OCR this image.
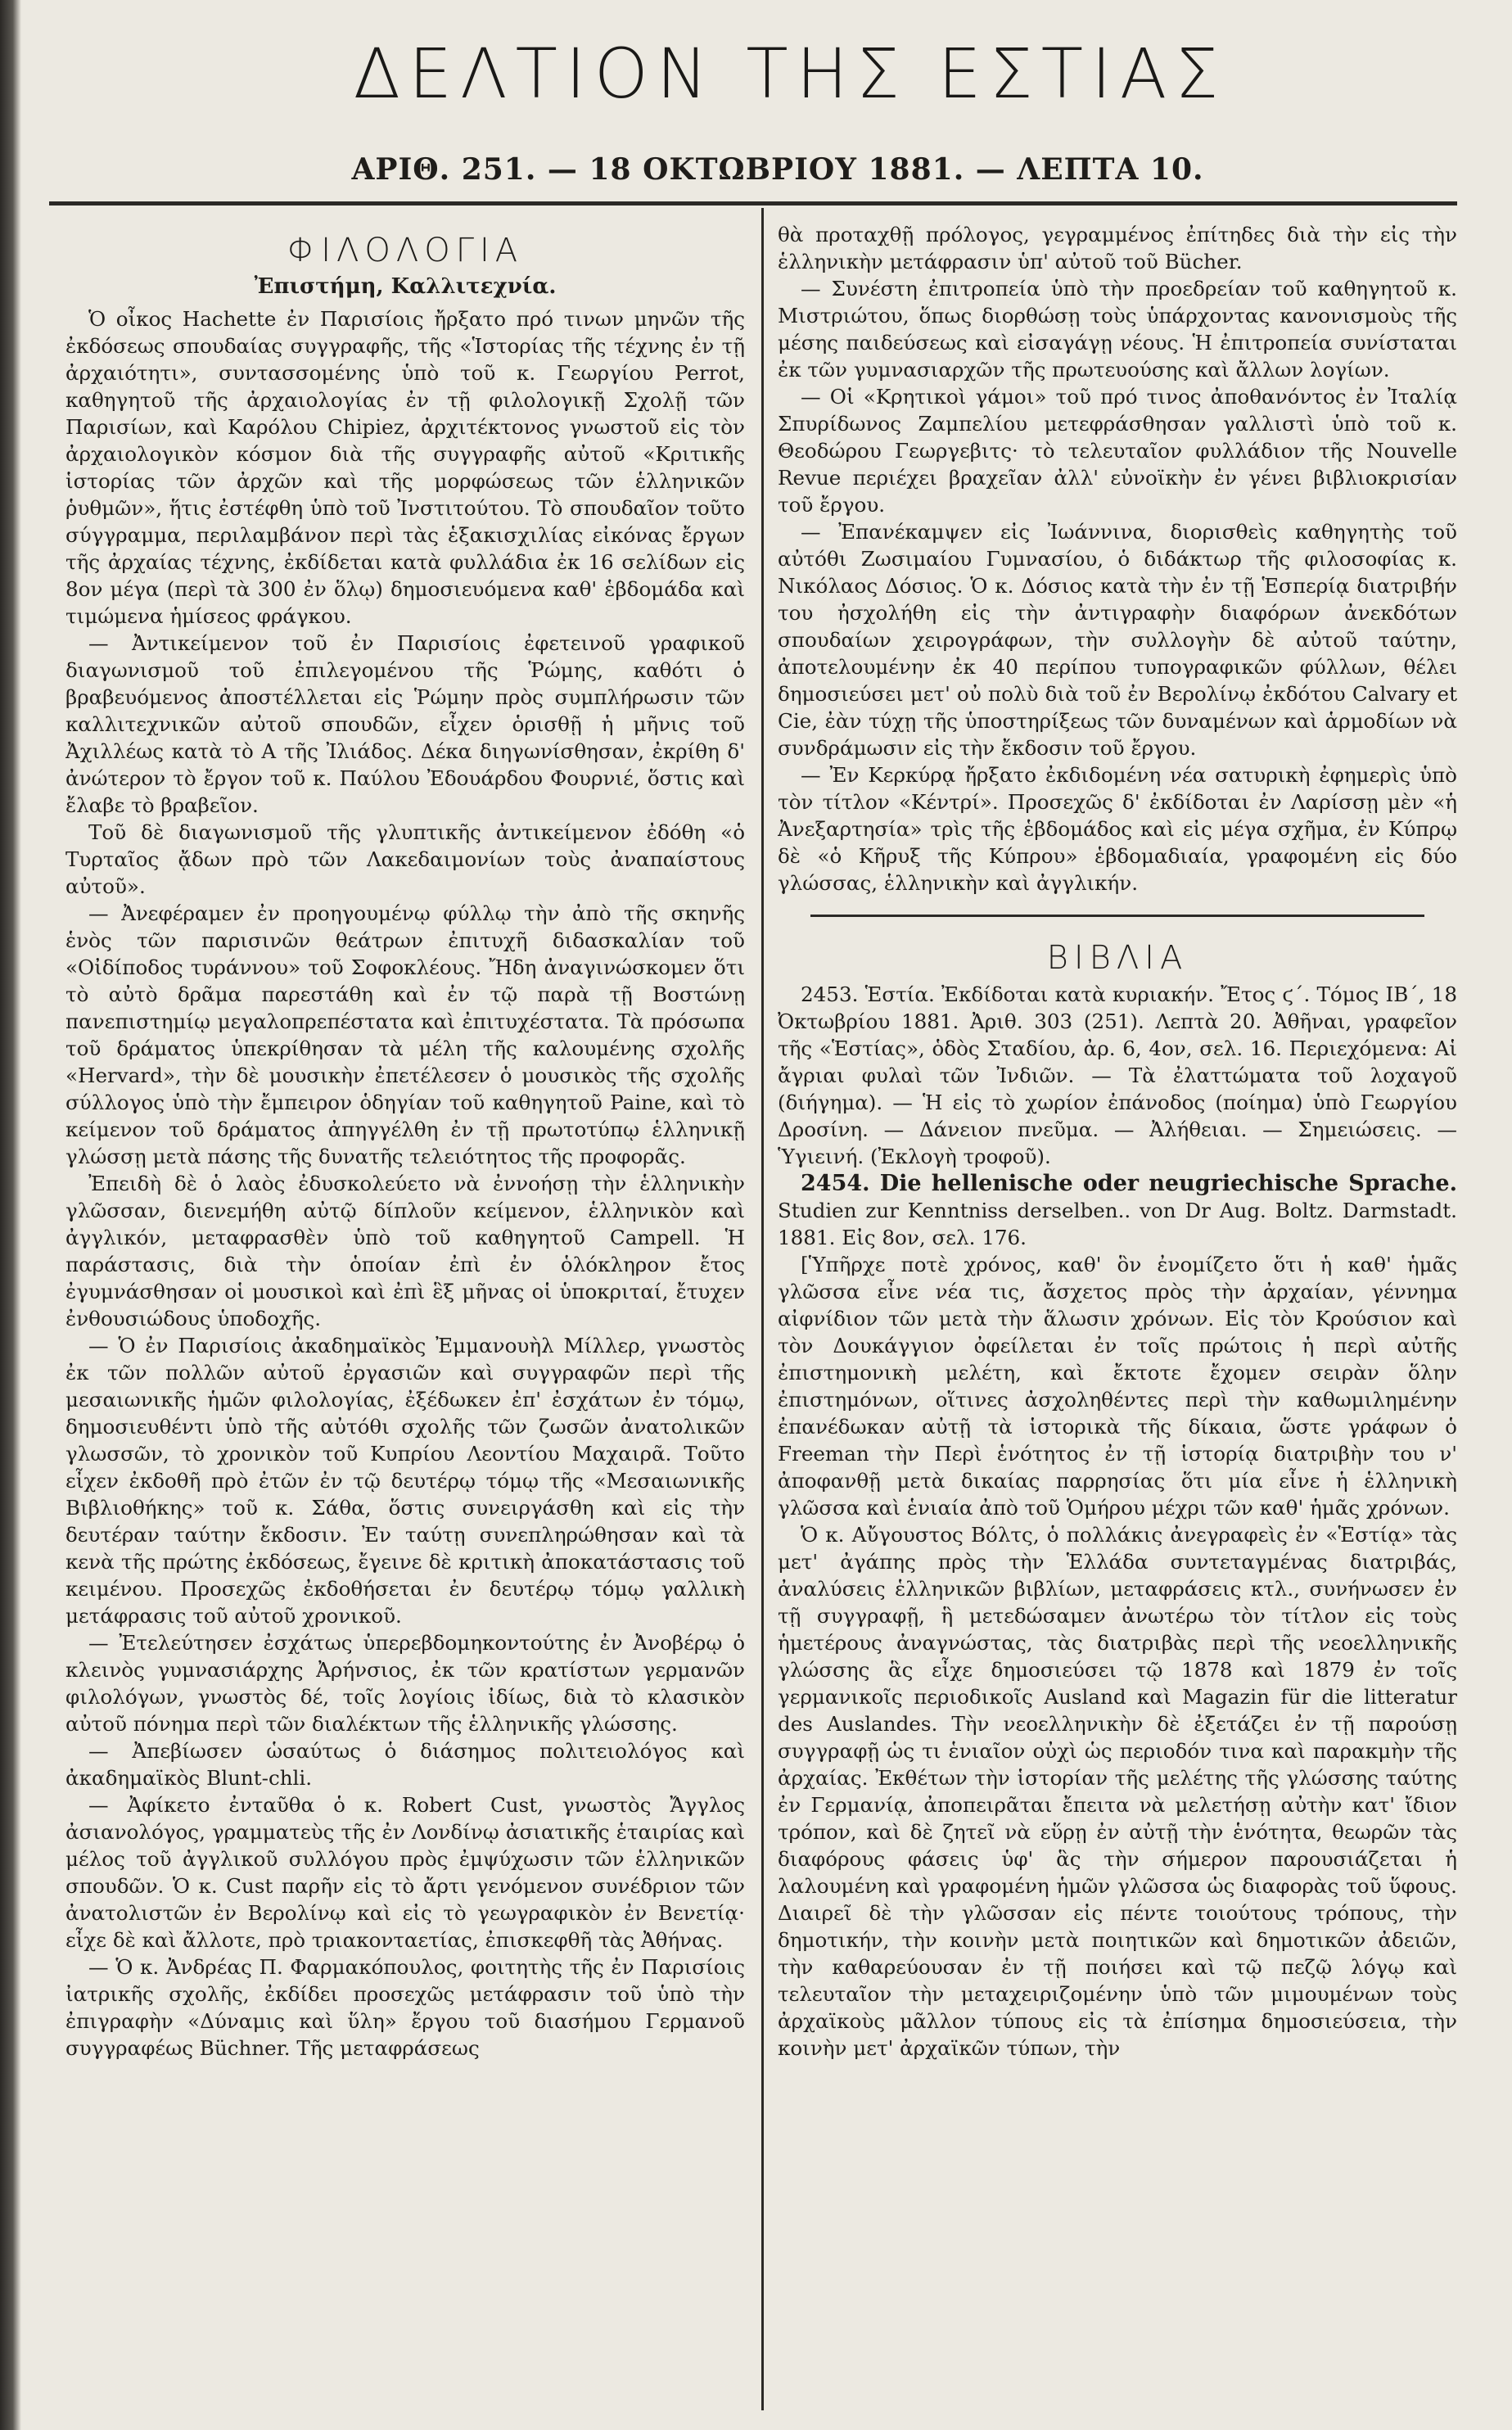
ΔΕΛΤΙΟΝ ΤΗΣ ΕΣΤΙΑΣ
ΑΡΙΘ. 251. — 18 ΟΚΤΩΒΡΙΟΥ 1881. — ΛΕΠΤΑ 10.
ΦΙΛΟΛΟΓΙΑ
Ἐπιστήμη, Καλλιτεχνία.

Ὁ οἶκος Hachette ἐν Παρισίοις ἤρξατο πρό τινων μηνῶν τῆς ἐκδόσεως σπουδαίας συγγραφῆς, τῆς «Ἱστορίας τῆς τέχνης ἐν τῇ ἀρχαιότητι», συντασσομένης ὑπὸ τοῦ κ. Γεωργίου Perrot, καθηγητοῦ τῆς ἀρχαιολογίας ἐν τῇ φιλολογικῇ Σχολῇ τῶν Παρισίων, καὶ Καρόλου Chipiez, ἀρχιτέκτονος γνωστοῦ εἰς τὸν ἀρχαιολογικὸν κόσμον διὰ τῆς συγγραφῆς αὐτοῦ «Κριτικῆς ἱστορίας τῶν ἀρχῶν καὶ τῆς μορφώσεως τῶν ἑλληνικῶν ῥυθμῶν», ἥτις ἐστέφθη ὑπὸ τοῦ Ἰνστιτούτου. Τὸ σπουδαῖον τοῦτο σύγγραμμα, περιλαμβάνον περὶ τὰς ἑξακισχιλίας εἰκόνας ἔργων τῆς ἀρχαίας τέχνης, ἐκδίδεται κατὰ φυλλάδια ἐκ 16 σελίδων εἰς 8ον μέγα (περὶ τὰ 300 ἐν ὅλῳ) δημοσιευόμενα καθ' ἑβδομάδα καὶ τιμώμενα ἡμίσεος φράγκου.

— Ἀντικείμενον τοῦ ἐν Παρισίοις ἐφετεινοῦ γραφικοῦ διαγωνισμοῦ τοῦ ἐπιλεγομένου τῆς Ῥώμης, καθότι ὁ βραβευόμενος ἀποστέλλεται εἰς Ῥώμην πρὸς συμπλήρωσιν τῶν καλλιτεχνικῶν αὐτοῦ σπουδῶν, εἶχεν ὁρισθῇ ἡ μῆνις τοῦ Ἀχιλλέως κατὰ τὸ Α τῆς Ἰλιάδος. Δέκα διηγωνίσθησαν, ἐκρίθη δ' ἀνώτερον τὸ ἔργον τοῦ κ. Παύλου Ἐδουάρδου Φουρνιέ, ὅστις καὶ ἔλαβε τὸ βραβεῖον.

Τοῦ δὲ διαγωνισμοῦ τῆς γλυπτικῆς ἀντικείμενον ἐδόθη «ὁ Τυρταῖος ᾄδων πρὸ τῶν Λακεδαιμονίων τοὺς ἀναπαίστους αὐτοῦ».

— Ἀνεφέραμεν ἐν προηγουμένῳ φύλλῳ τὴν ἀπὸ τῆς σκηνῆς ἑνὸς τῶν παρισινῶν θεάτρων ἐπιτυχῆ διδασκαλίαν τοῦ «Οἰδίποδος τυράννου» τοῦ Σοφοκλέους. Ἤδη ἀναγινώσκομεν ὅτι τὸ αὐτὸ δρᾶμα παρεστάθη καὶ ἐν τῷ παρὰ τῇ Βοστώνῃ πανεπιστημίῳ μεγαλοπρεπέστατα καὶ ἐπιτυχέστατα. Τὰ πρόσωπα τοῦ δράματος ὑπεκρίθησαν τὰ μέλη τῆς καλουμένης σχολῆς «Hervard», τὴν δὲ μουσικὴν ἐπετέλεσεν ὁ μουσικὸς τῆς σχολῆς σύλλογος ὑπὸ τὴν ἔμπειρον ὁδηγίαν τοῦ καθηγητοῦ Paine, καὶ τὸ κείμενον τοῦ δράματος ἀπηγγέλθη ἐν τῇ πρωτοτύπῳ ἑλληνικῇ γλώσσῃ μετὰ πάσης τῆς δυνατῆς τελειότητος τῆς προφορᾶς.

Ἐπειδὴ δὲ ὁ λαὸς ἐδυσκολεύετο νὰ ἐννοήσῃ τὴν ἑλληνικὴν γλῶσσαν, διενεμήθη αὐτῷ δίπλοῦν κείμενον, ἑλληνικὸν καὶ ἀγγλικόν, μεταφρασθὲν ὑπὸ τοῦ καθηγητοῦ Campell. Ἡ παράστασις, διὰ τὴν ὁποίαν ἐπὶ ἐν ὁλόκληρον ἔτος ἐγυμνάσθησαν οἱ μουσικοὶ καὶ ἐπὶ ἓξ μῆνας οἱ ὑποκριταί, ἔτυχεν ἐνθουσιώδους ὑποδοχῆς.

— Ὁ ἐν Παρισίοις ἀκαδημαϊκὸς Ἐμμανουὴλ Μίλλερ, γνωστὸς ἐκ τῶν πολλῶν αὐτοῦ ἐργασιῶν καὶ συγγραφῶν περὶ τῆς μεσαιωνικῆς ἡμῶν φιλολογίας, ἐξέδωκεν ἐπ' ἐσχάτων ἐν τόμῳ, δημοσιευθέντι ὑπὸ τῆς αὐτόθι σχολῆς τῶν ζωσῶν ἀνατολικῶν γλωσσῶν, τὸ χρονικὸν τοῦ Κυπρίου Λεοντίου Μαχαιρᾶ. Τοῦτο εἶχεν ἐκδοθῆ πρὸ ἐτῶν ἐν τῷ δευτέρῳ τόμῳ τῆς «Μεσαιωνικῆς Βιβλιοθήκης» τοῦ κ. Σάθα, ὅστις συνειργάσθη καὶ εἰς τὴν δευτέραν ταύτην ἔκδοσιν. Ἐν ταύτῃ συνεπληρώθησαν καὶ τὰ κενὰ τῆς πρώτης ἐκδόσεως, ἔγεινε δὲ κριτικὴ ἀποκατάστασις τοῦ κειμένου. Προσεχῶς ἐκδοθήσεται ἐν δευτέρῳ τόμῳ γαλλικὴ μετάφρασις τοῦ αὐτοῦ χρονικοῦ.

— Ἐτελεύτησεν ἐσχάτως ὑπερεβδομηκοντούτης ἐν Ἀνοβέρῳ ὁ κλεινὸς γυμνασιάρχης Ἀρήνσιος, ἐκ τῶν κρατίστων γερμανῶν φιλολόγων, γνωστὸς δέ, τοῖς λογίοις ἰδίως, διὰ τὸ κλασικὸν αὐτοῦ πόνημα περὶ τῶν διαλέκτων τῆς ἑλληνικῆς γλώσσης.

— Ἀπεβίωσεν ὡσαύτως ὁ διάσημος πολιτειολόγος καὶ ἀκαδημαϊκὸς Blunt-chli.

— Ἀφίκετο ἐνταῦθα ὁ κ. Robert Cust, γνωστὸς Ἄγγλος ἀσιανολόγος, γραμματεὺς τῆς ἐν Λονδίνῳ ἀσιατικῆς ἑταιρίας καὶ μέλος τοῦ ἀγγλικοῦ συλλόγου πρὸς ἐμψύχωσιν τῶν ἑλληνικῶν σπουδῶν. Ὁ κ. Cust παρῆν εἰς τὸ ἄρτι γενόμενον συνέδριον τῶν ἀνατολιστῶν ἐν Βερολίνῳ καὶ εἰς τὸ γεωγραφικὸν ἐν Βενετίᾳ· εἶχε δὲ καὶ ἄλλοτε, πρὸ τριακονταετίας, ἐπισκεφθῆ τὰς Ἀθήνας.

— Ὁ κ. Ἀνδρέας Π. Φαρμακόπουλος, φοιτητὴς τῆς ἐν Παρισίοις ἰατρικῆς σχολῆς, ἐκδίδει προσεχῶς μετάφρασιν τοῦ ὑπὸ τὴν ἐπιγραφὴν «Δύναμις καὶ ὕλη» ἔργου τοῦ διασήμου Γερμανοῦ συγγραφέως Büchner. Τῆς μεταφράσεως

θὰ προταχθῇ πρόλογος, γεγραμμένος ἐπίτηδες διὰ τὴν εἰς τὴν ἑλληνικὴν μετάφρασιν ὑπ' αὐτοῦ τοῦ Bücher.

— Συνέστη ἐπιτροπεία ὑπὸ τὴν προεδρείαν τοῦ καθηγητοῦ κ. Μιστριώτου, ὅπως διορθώσῃ τοὺς ὑπάρχοντας κανονισμοὺς τῆς μέσης παιδεύσεως καὶ εἰσαγάγῃ νέους. Ἡ ἐπιτροπεία συνίσταται ἐκ τῶν γυμνασιαρχῶν τῆς πρωτευούσης καὶ ἄλλων λογίων.

— Οἱ «Κρητικοὶ γάμοι» τοῦ πρό τινος ἀποθανόντος ἐν Ἰταλίᾳ Σπυρίδωνος Ζαμπελίου μετεφράσθησαν γαλλιστὶ ὑπὸ τοῦ κ. Θεοδώρου Γεωργεβιτς· τὸ τελευταῖον φυλλάδιον τῆς Nouvelle Revue περιέχει βραχεῖαν ἀλλ' εὐνοϊκὴν ἐν γένει βιβλιοκρισίαν τοῦ ἔργου.

— Ἐπανέκαμψεν εἰς Ἰωάννινα, διορισθεὶς καθηγητὴς τοῦ αὐτόθι Ζωσιμαίου Γυμνασίου, ὁ διδάκτωρ τῆς φιλοσοφίας κ. Νικόλαος Δόσιος. Ὁ κ. Δόσιος κατὰ τὴν ἐν τῇ Ἑσπερίᾳ διατριβήν του ἠσχολήθη εἰς τὴν ἀντιγραφὴν διαφόρων ἀνεκδότων σπουδαίων χειρογράφων, τὴν συλλογὴν δὲ αὐτοῦ ταύτην, ἀποτελουμένην ἐκ 40 περίπου τυπογραφικῶν φύλλων, θέλει δημοσιεύσει μετ' οὐ πολὺ διὰ τοῦ ἐν Βερολίνῳ ἐκδότου Calvary et Cie, ἐὰν τύχῃ τῆς ὑποστηρίξεως τῶν δυναμένων καὶ ἁρμοδίων νὰ συνδράμωσιν εἰς τὴν ἔκδοσιν τοῦ ἔργου.

— Ἐν Κερκύρᾳ ἤρξατο ἐκδιδομένη νέα σατυρικὴ ἐφημερὶς ὑπὸ τὸν τίτλον «Κέντρί». Προσεχῶς δ' ἐκδίδοται ἐν Λαρίσσῃ μὲν «ἡ Ἀνεξαρτησία» τρὶς τῆς ἑβδομάδος καὶ εἰς μέγα σχῆμα, ἐν Κύπρῳ δὲ «ὁ Κῆρυξ τῆς Κύπρου» ἑβδομαδιαία, γραφομένη εἰς δύο γλώσσας, ἑλληνικὴν καὶ ἀγγλικήν.

ΒΙΒΛΙΑ

2453. Ἑστία. Ἐκδίδοται κατὰ κυριακήν. Ἔτος ϛ΄. Τόμος ΙΒ΄, 18 Ὀκτωβρίου 1881. Ἀριθ. 303 (251). Λεπτὰ 20. Ἀθῆναι, γραφεῖον τῆς «Ἑστίας», ὁδὸς Σταδίου, ἀρ. 6, 4ον, σελ. 16. Περιεχόμενα: Αἱ ἄγριαι φυλαὶ τῶν Ἰνδιῶν. — Τὰ ἐλαττώματα τοῦ λοχαγοῦ (διήγημα). — Ἡ εἰς τὸ χωρίον ἐπάνοδος (ποίημα) ὑπὸ Γεωργίου Δροσίνη. — Δάνειον πνεῦμα. — Ἀλήθειαι. — Σημειώσεις. — Ὑγιεινή. (Ἐκλογὴ τροφοῦ).

2454. Die hellenische oder neugriechische Sprache. Studien zur Kenntniss derselben.. von Dr Aug. Boltz. Darmstadt. 1881. Εἰς 8ον, σελ. 176.

[Ὑπῆρχε ποτὲ χρόνος, καθ' ὃν ἐνομίζετο ὅτι ἡ καθ' ἡμᾶς γλῶσσα εἶνε νέα τις, ἄσχετος πρὸς τὴν ἀρχαίαν, γέννημα αἰφνίδιον τῶν μετὰ τὴν ἅλωσιν χρόνων. Εἰς τὸν Κρούσιον καὶ τὸν Δουκάγγιον ὀφείλεται ἐν τοῖς πρώτοις ἡ περὶ αὐτῆς ἐπιστημονικὴ μελέτη, καὶ ἔκτοτε ἔχομεν σειρὰν ὅλην ἐπιστημόνων, οἵτινες ἀσχοληθέντες περὶ τὴν καθωμιλημένην ἐπανέδωκαν αὐτῇ τὰ ἱστορικὰ τῆς δίκαια, ὥστε γράφων ὁ Freeman τὴν Περὶ ἑνότητος ἐν τῇ ἱστορίᾳ διατριβὴν του ν' ἀποφανθῇ μετὰ δικαίας παρρησίας ὅτι μία εἶνε ἡ ἑλληνικὴ γλῶσσα καὶ ἑνιαία ἀπὸ τοῦ Ὁμήρου μέχρι τῶν καθ' ἡμᾶς χρόνων.

Ὁ κ. Αὔγουστος Βόλτς, ὁ πολλάκις ἀνεγραφεὶς ἐν «Ἑστίᾳ» τὰς μετ' ἀγάπης πρὸς τὴν Ἑλλάδα συντεταγμένας διατριβάς, ἀναλύσεις ἑλληνικῶν βιβλίων, μεταφράσεις κτλ., συνήνωσεν ἐν τῇ συγγραφῇ, ἣ μετεδώσαμεν ἀνωτέρω τὸν τίτλον εἰς τοὺς ἡμετέρους ἀναγνώστας, τὰς διατριβὰς περὶ τῆς νεοελληνικῆς γλώσσης ἃς εἶχε δημοσιεύσει τῷ 1878 καὶ 1879 ἐν τοῖς γερμανικοῖς περιοδικοῖς Ausland καὶ Magazin für die litteratur des Auslandes. Τὴν νεοελληνικὴν δὲ ἐξετάζει ἐν τῇ παρούσῃ συγγραφῇ ὡς τι ἑνιαῖον οὐχὶ ὡς περιοδόν τινα καὶ παρακμὴν τῆς ἀρχαίας. Ἐκθέτων τὴν ἱστορίαν τῆς μελέτης τῆς γλώσσης ταύτης ἐν Γερμανίᾳ, ἀποπειρᾶται ἔπειτα νὰ μελετήσῃ αὐτὴν κατ' ἴδιον τρόπον, καὶ δὲ ζητεῖ νὰ εὕρῃ ἐν αὐτῇ τὴν ἑνότητα, θεωρῶν τὰς διαφόρους φάσεις ὑφ' ἃς τὴν σήμερον παρουσιάζεται ἡ λαλουμένη καὶ γραφομένη ἡμῶν γλῶσσα ὡς διαφορὰς τοῦ ὕφους. Διαιρεῖ δὲ τὴν γλῶσσαν εἰς πέντε τοιούτους τρόπους, τὴν δημοτικήν, τὴν κοινὴν μετὰ ποιητικῶν καὶ δημοτικῶν ἀδειῶν, τὴν καθαρεύουσαν ἐν τῇ ποιήσει καὶ τῷ πεζῷ λόγῳ καὶ τελευταῖον τὴν μεταχειριζομένην ὑπὸ τῶν μιμουμένων τοὺς ἀρχαϊκοὺς μᾶλλον τύπους εἰς τὰ ἐπίσημα δημοσιεύσεια, τὴν κοινὴν μετ' ἀρχαϊκῶν τύπων, τὴν
